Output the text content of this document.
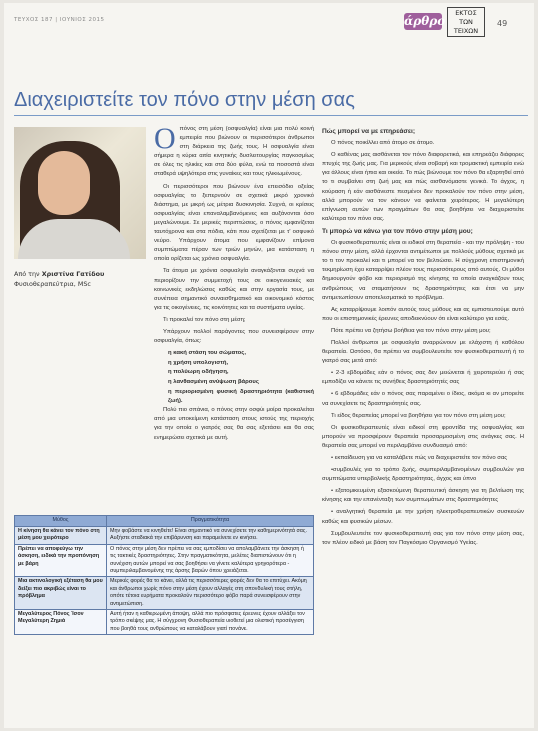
ΤΕΥΧΟΣ 187 | ΙΟΥΝΙΟΣ 2015	άρθρο
ΕΚΤΟΣ
ΤΩΝ
ΤΕΙΧΩΝ
49
Διαχειριστείτε τον πόνο στην μέση σας
Από την Χριστίνα Γατίδου
Φυσιοθεραπεύτρια, MSc

Οπόνος στη μέση (οσφυαλγία) είναι μια πολύ κοινή εμπειρία που βιώνουν οι περισσότεροι άνθρωποι στη διάρκεια της ζωής τους. Η οσφυαλγία είναι σήμερα η κύρια αιτία κινητικής δυσλειτουργίας παγκοσμίως σε όλες τις ηλικίες και στα δύο φύλα, ενώ τα ποσοστά είναι σταθερά υψηλότερα στις γυναίκες και τους ηλικιωμένους.

Οι περισσότεροι που βιώνουν ένα επεισόδιο οξείας οσφυαλγίας το ξεπερνούν σε σχετικά μικρό χρονικό διάστημα, με μικρή ως μέτρια δυσκινησία. Συχνά, οι κρίσεις οσφυαλγίας είναι επαναλαμβανόμενες και αυξάνονται όσο μεγαλώνουμε. Σε μερικές περιπτώσεις, ο πόνος εμφανίζεται ταυτόχρονα και στα πόδια, κάτι που σχετίζεται με τ' οσφυικό νεύρο. Υπάρχουν άτομα που εμφανίζουν επίμονα συμπτώματα πέραν των τριών μηνών, μια κατάσταση η οποία ορίζεται ως χρόνια οσφυαλγία.

Τα άτομα με χρόνια οσφυαλγία αναγκάζονται συχνά να περιορίζουν την συμμετοχή τους σε οικογενειακές και κοινωνικές εκδηλώσεις καθώς και στην εργασία τους, με συνέπεια σημαντικό συναισθηματικό και οικονομικό κόστος για τις οικογένειες, τις κοινότητες και τα συστήματα υγείας.

Τι προκαλεί τον πόνο στη μέση;

Υπάρχουν πολλοί παράγοντες που συνεισφέρουν στην οσφυαλγία, όπως:

η κακή στάση του σώματος,

η χρήση υπολογιστή,

η πολύωρη οδήγηση,

η λανθασμένη ανύψωση βάρους

η περιορισμένη φυσική δραστηριότητα (καθιστική ζωή).

Πολύ πιο σπάνια, ο πόνος στην οσφύι μοίρα προκαλείται από μια υποκείμενη κατάσταση στους ιστούς της περιοχής για την οποία ο γιατρός σας θα σας εξετάσει και θα σας ενημερώσει σχετικά με αυτή.

Πώς μπορεί να με επηρεάσει;

Ο πόνος ποικίλλει από άτομο σε άτομο.

Ο καθένας μας αισθάνεται τον πόνο διαφορετικά, και επηρεάζει διάφορες πτυχές της ζωής μας. Για μερικούς είναι σοβαρή και τρομακτική εμπειρία ενώ για άλλους είναι ήπια και οικεία. Το πώς βιώνουμε τον πόνο θα εξαρτηθεί από το τι συμβαίνει στη ζωή μας και πώς αισθανόμαστε γενικά. Το άγχος, η κούραση ή εάν αισθάνεστε πεσμένοι δεν προκαλούν τον πόνο στην μέση, αλλά μπορούν να τον κάνουν να φαίνεται χειρότερος. Η μεγαλύτερη επίγνωση αυτών των πραγμάτων θα σας βοηθήσει να διαχειριστείτε καλύτερα τον πόνο σας.

Τι μπορώ να κάνω για τον πόνο στην μέση μου;

Οι φυσικοθεραπευτές είναι οι ειδικοί στη θεραπεία - και την πρόληψη - του πόνου στην μέση, αλλά έρχονται αντιμέτωποι με πολλούς μύθους σχετικά με το τι τον προκαλεί και τι μπορεί να τον βελτιώσει. Η σύγχρονη επιστημονική τεκμηρίωση έχει καταρρίψει πλέον τους περισσότερους από αυτούς. Οι μύθοι δημιουργούν φόβο και περιορισμό της κίνησης τα οποία αναγκάζουν τους ανθρώπους να σταματήσουν τις δραστηριότητες και έτσι να μην αντιμετωπίσουν αποτελεσματικά το πρόβλημα.

Ας καταρρίψουμε λοιπόν αυτούς τους μύθους και ας εμπιστευτούμε αυτό που οι επιστημονικές έρευνες αποδεικνύουν ότι είναι καλύτερο για εσάς.

Πότε πρέπει να ζητήσω βοήθεια για τον πόνο στην μέση μου;

Πολλοί άνθρωποι με οσφυαλγία αναρρώνουν με ελάχιστη ή καθόλου θεραπεία. Ωστόσο, θα πρέπει να συμβουλευτείτε τον φυσικοθεραπευτή ή το γιατρό σας μετά από:

• 2-3 εβδομάδες εάν ο πόνος σας δεν μειώνεται ή χειροτερεύει ή σας εμποδίζει να κάνετε τις συνήθεις δραστηριότητές σας

• 6 εβδομάδες εάν ο πόνος σας παραμένει ο ίδιος, ακόμα κι αν μπορείτε να συνεχίσετε τις δραστηριότητές σας.

Τι είδος θεραπείας μπορεί να βοηθήσει για τον πόνο στη μέση μου;

Οι φυσικοθεραπευτές είναι ειδικοί στη φροντίδα της οσφυαλγίας και μπορούν να προσφέρουν θεραπεία προσαρμοσμένη στις ανάγκες σας. Η θεραπεία σας μπορεί να περιλαμβάνει συνδυασμό από:

• εκπαίδευση για να καταλάβετε πώς να διαχειριστείτε τον πόνο σας

•συμβουλές για το τρόπο ζωής, συμπεριλαμβανομένων συμβουλών για συμπτώματα υπερβολικής δραστηριότητας, άγχος και ύπνο

• εξατομικευμένη εξασκούμενη θεραπευτική άσκηση για τη βελτίωση της κίνησης και την επανένταξη των συμπτωμάτων στις δραστηριότητες

• αναλγητική θεραπεία με την χρήση ηλεκτροθεραπευτικών συσκευών καθώς και φυσικών μέσων.

Συμβουλευτείτε τον φυσικοθεραπευτή σας για τον πόνο στην μέση σας, τον πλέον ειδικό με βάση τον Παγκόσμιο Οργανισμό Υγείας.

Μύθος	Πραγματικότητα
Η κίνηση θα κάνει τον πόνο στη μέση μου χειρότερο	Μην φοβάστε να κινηθείτε! Είναι σημαντικό να συνεχίσετε την καθημερινότητά σας. Αυξήστε σταδιακά την επιβάρυνση και παραμείνετε εν κινήσει.
Πρέπει να αποφεύγω την άσκηση, ειδικά την προπόνηση με βάρη	Ο πόνος στην μέση δεν πρέπει να σας εμποδίσει να απολαμβάνετε την άσκηση ή τις τακτικές δραστηριότητες. Στην πραγματικότητα, μελέτες διαπιστώνουν ότι η συνέχιση αυτών μπορεί να σας βοηθήσει να γίνετε καλύτερα γρηγορότερα - συμπεριλαμβανομένης της άρσης βαρών όπου χρειάζεται.
Μια ακτινολογική εξέταση θα μου δείξει πιο ακριβώς είναι το πρόβλημα	Μερικές φορές θα το κάνει, αλλά τις περισσότερες φορές δεν θα το επιτύχει. Ακόμη και άνθρωποι χωρίς πόνο στην μέση έχουν αλλαγές στη σπονδυλική τους στήλη, οπότε τέτοια ευρήματα προκαλούν περισσότερο φόβο παρά συνεισφέρουν στην αντιμετώπιση.
Μεγαλύτερος Πόνος Ίσον Μεγαλύτερη Ζημιά	Αυτή ήταν η καθιερωμένη άποψη, αλλά πιο πρόσφατες έρευνες έχουν αλλάξει τον τρόπο σκέψης μας. Η σύγχρονη Φυσιοθεραπεία υιοθετεί μια ολιστική προσέγγιση που βοηθά τους ανθρώπους να καταλάβουν γιατί πονάνε.
